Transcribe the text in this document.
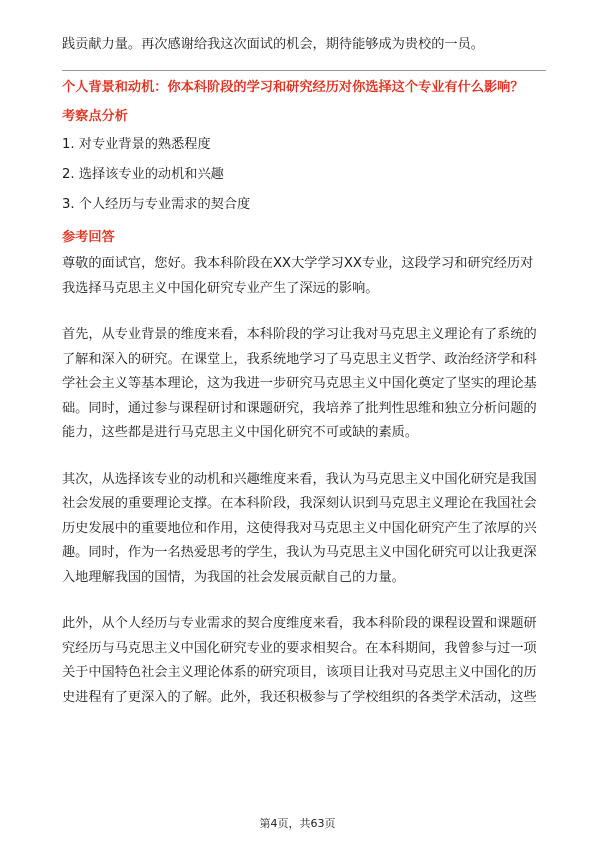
践贡献力量。再次感谢给我这次面试的机会，期待能够成为贵校的一员。

个人背景和动机：你本科阶段的学习和研究经历对你选择这个专业有什么影响？
考察点分析

1. 对专业背景的熟悉程度

2. 选择该专业的动机和兴趣

3. 个人经历与专业需求的契合度

参考回答

尊敬的面试官，您好。我本科阶段在XX大学学习XX专业，这段学习和研究经历对

我选择马克思主义中国化研究专业产生了深远的影响。

首先，从专业背景的维度来看，本科阶段的学习让我对马克思主义理论有了系统的

了解和深入的研究。在课堂上，我系统地学习了马克思主义哲学、政治经济学和科

学社会主义等基本理论，这为我进一步研究马克思主义中国化奠定了坚实的理论基

础。同时，通过参与课程研讨和课题研究，我培养了批判性思维和独立分析问题的

能力，这些都是进行马克思主义中国化研究不可或缺的素质。

其次，从选择该专业的动机和兴趣维度来看，我认为马克思主义中国化研究是我国

社会发展的重要理论支撑。在本科阶段，我深刻认识到马克思主义理论在我国社会

历史发展中的重要地位和作用，这使得我对马克思主义中国化研究产生了浓厚的兴

趣。同时，作为一名热爱思考的学生，我认为马克思主义中国化研究可以让我更深

入地理解我国的国情，为我国的社会发展贡献自己的力量。

此外，从个人经历与专业需求的契合度维度来看，我本科阶段的课程设置和课题研

究经历与马克思主义中国化研究专业的要求相契合。在本科期间，我曾参与过一项

关于中国特色社会主义理论体系的研究项目，该项目让我对马克思主义中国化的历

史进程有了更深入的了解。此外，我还积极参与了学校组织的各类学术活动，这些

第4页，共63页
